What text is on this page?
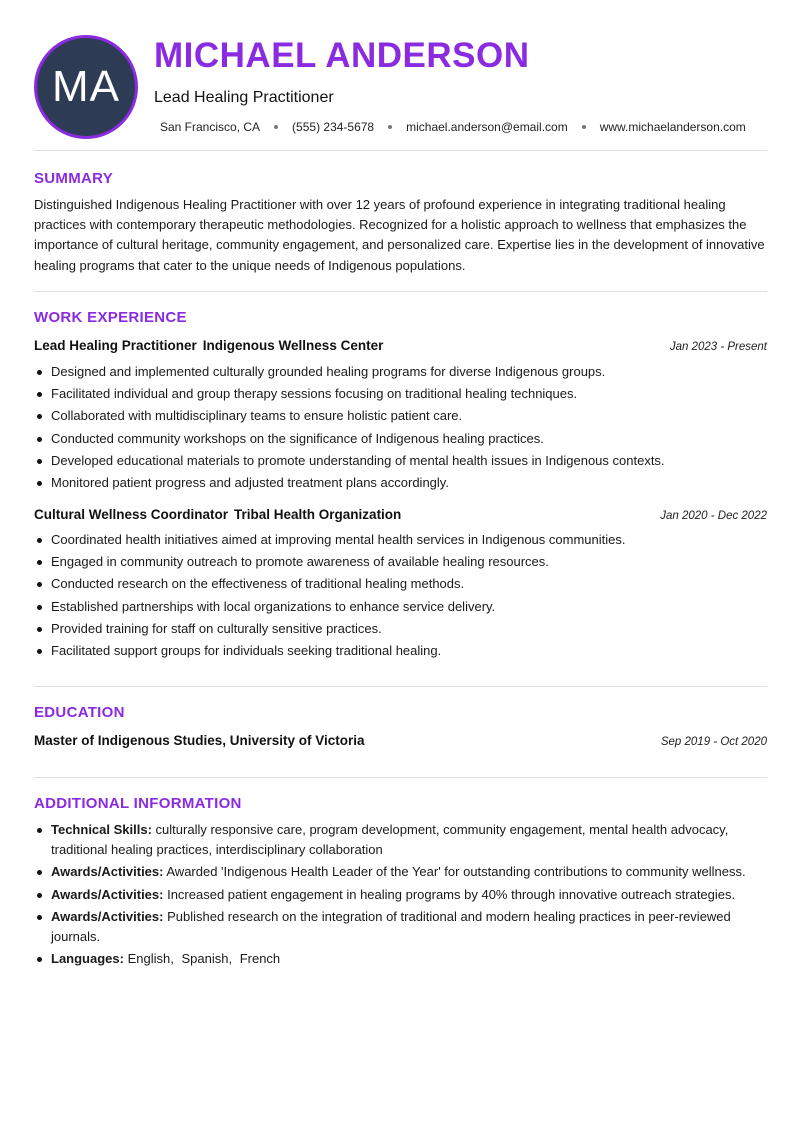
MA
MICHAEL ANDERSON
Lead Healing Practitioner
San Francisco, CA	(555) 234-5678	michael.anderson@email.com	www.michaelanderson.com
SUMMARY

Distinguished Indigenous Healing Practitioner with over 12 years of profound experience in integrating traditional healing practices with contemporary therapeutic methodologies. Recognized for a holistic approach to wellness that emphasizes the importance of cultural heritage, community engagement, and personalized care. Expertise lies in the development of innovative healing programs that cater to the unique needs of Indigenous populations.

WORK EXPERIENCE
Lead Healing Practitioner Indigenous Wellness Center	Jan 2023 - Present
Designed and implemented culturally grounded healing programs for diverse Indigenous groups.
Facilitated individual and group therapy sessions focusing on traditional healing techniques.
Collaborated with multidisciplinary teams to ensure holistic patient care.
Conducted community workshops on the significance of Indigenous healing practices.
Developed educational materials to promote understanding of mental health issues in Indigenous contexts.
Monitored patient progress and adjusted treatment plans accordingly.
Cultural Wellness Coordinator Tribal Health Organization	Jan 2020 - Dec 2022
Coordinated health initiatives aimed at improving mental health services in Indigenous communities.
Engaged in community outreach to promote awareness of available healing resources.
Conducted research on the effectiveness of traditional healing methods.
Established partnerships with local organizations to enhance service delivery.
Provided training for staff on culturally sensitive practices.
Facilitated support groups for individuals seeking traditional healing.
EDUCATION
Master of Indigenous Studies, University of Victoria	Sep 2019 - Oct 2020
ADDITIONAL INFORMATION
Technical Skills: culturally responsive care, program development, community engagement, mental health advocacy, traditional healing practices, interdisciplinary collaboration
Awards/Activities: Awarded 'Indigenous Health Leader of the Year' for outstanding contributions to community wellness.
Awards/Activities: Increased patient engagement in healing programs by 40% through innovative outreach strategies.
Awards/Activities: Published research on the integration of traditional and modern healing practices in peer-reviewed journals.
Languages: English, Spanish, French
